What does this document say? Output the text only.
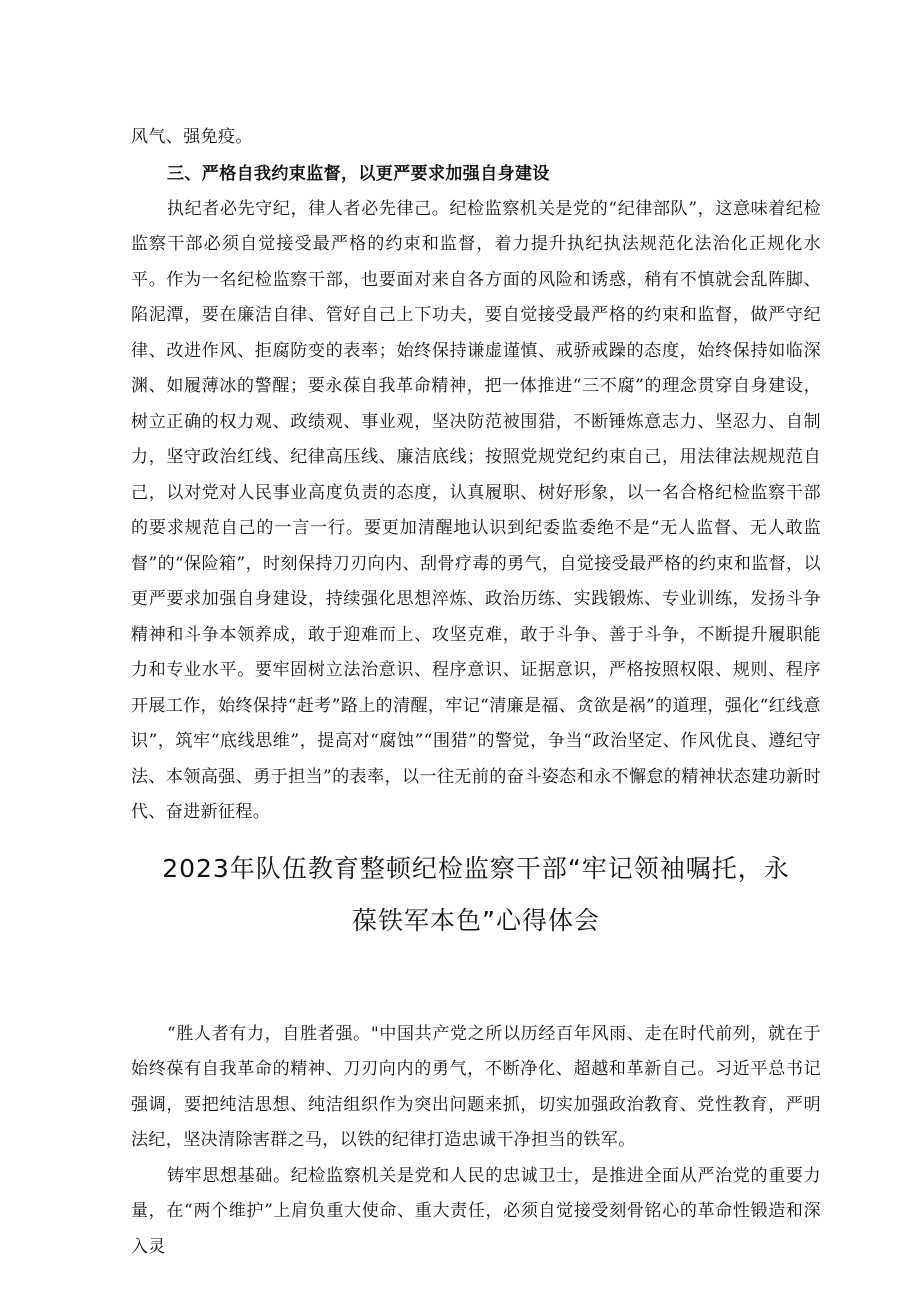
风气、强免疫。

三、严格自我约束监督，以更严要求加强自身建设

执纪者必先守纪，律人者必先律己。纪检监察机关是党的“纪律部队”，这意味着纪检监察干部必须自觉接受最严格的约束和监督，着力提升执纪执法规范化法治化正规化水平。作为一名纪检监察干部，也要面对来自各方面的风险和诱惑，稍有不慎就会乱阵脚、陷泥潭，要在廉洁自律、管好自己上下功夫，要自觉接受最严格的约束和监督，做严守纪律、改进作风、拒腐防变的表率；始终保持谦虚谨慎、戒骄戒躁的态度，始终保持如临深渊、如履薄冰的警醒；要永葆自我革命精神，把一体推进“三不腐”的理念贯穿自身建设，树立正确的权力观、政绩观、事业观，坚决防范被围猎，不断锤炼意志力、坚忍力、自制力，坚守政治红线、纪律高压线、廉洁底线；按照党规党纪约束自己，用法律法规规范自己，以对党对人民事业高度负责的态度，认真履职、树好形象，以一名合格纪检监察干部的要求规范自己的一言一行。要更加清醒地认识到纪委监委绝不是“无人监督、无人敢监督”的“保险箱”，时刻保持刀刃向内、刮骨疗毒的勇气，自觉接受最严格的约束和监督，以更严要求加强自身建设，持续强化思想淬炼、政治历练、实践锻炼、专业训练，发扬斗争精神和斗争本领养成，敢于迎难而上、攻坚克难，敢于斗争、善于斗争，不断提升履职能力和专业水平。要牢固树立法治意识、程序意识、证据意识，严格按照权限、规则、程序开展工作，始终保持“赶考”路上的清醒，牢记“清廉是福、贪欲是祸”的道理，强化“红线意识”，筑牢“底线思维”，提高对“腐蚀”“围猎”的警觉，争当“政治坚定、作风优良、遵纪守法、本领高强、勇于担当”的表率，以一往无前的奋斗姿态和永不懈怠的精神状态建功新时代、奋进新征程。

2023年队伍教育整顿纪检监察干部“牢记领袖嘱托，永
葆铁军本色”心得体会

“胜人者有力，自胜者强。"中国共产党之所以历经百年风雨、走在时代前列，就在于始终葆有自我革命的精神、刀刃向内的勇气，不断净化、超越和革新自己。习近平总书记强调，要把纯洁思想、纯洁组织作为突出问题来抓，切实加强政治教育、党性教育，严明法纪，坚决清除害群之马，以铁的纪律打造忠诚干净担当的铁军。

铸牢思想基础。纪检监察机关是党和人民的忠诚卫士，是推进全面从严治党的重要力量，在“两个维护”上肩负重大使命、重大责任，必须自觉接受刻骨铭心的革命性锻造和深入灵
